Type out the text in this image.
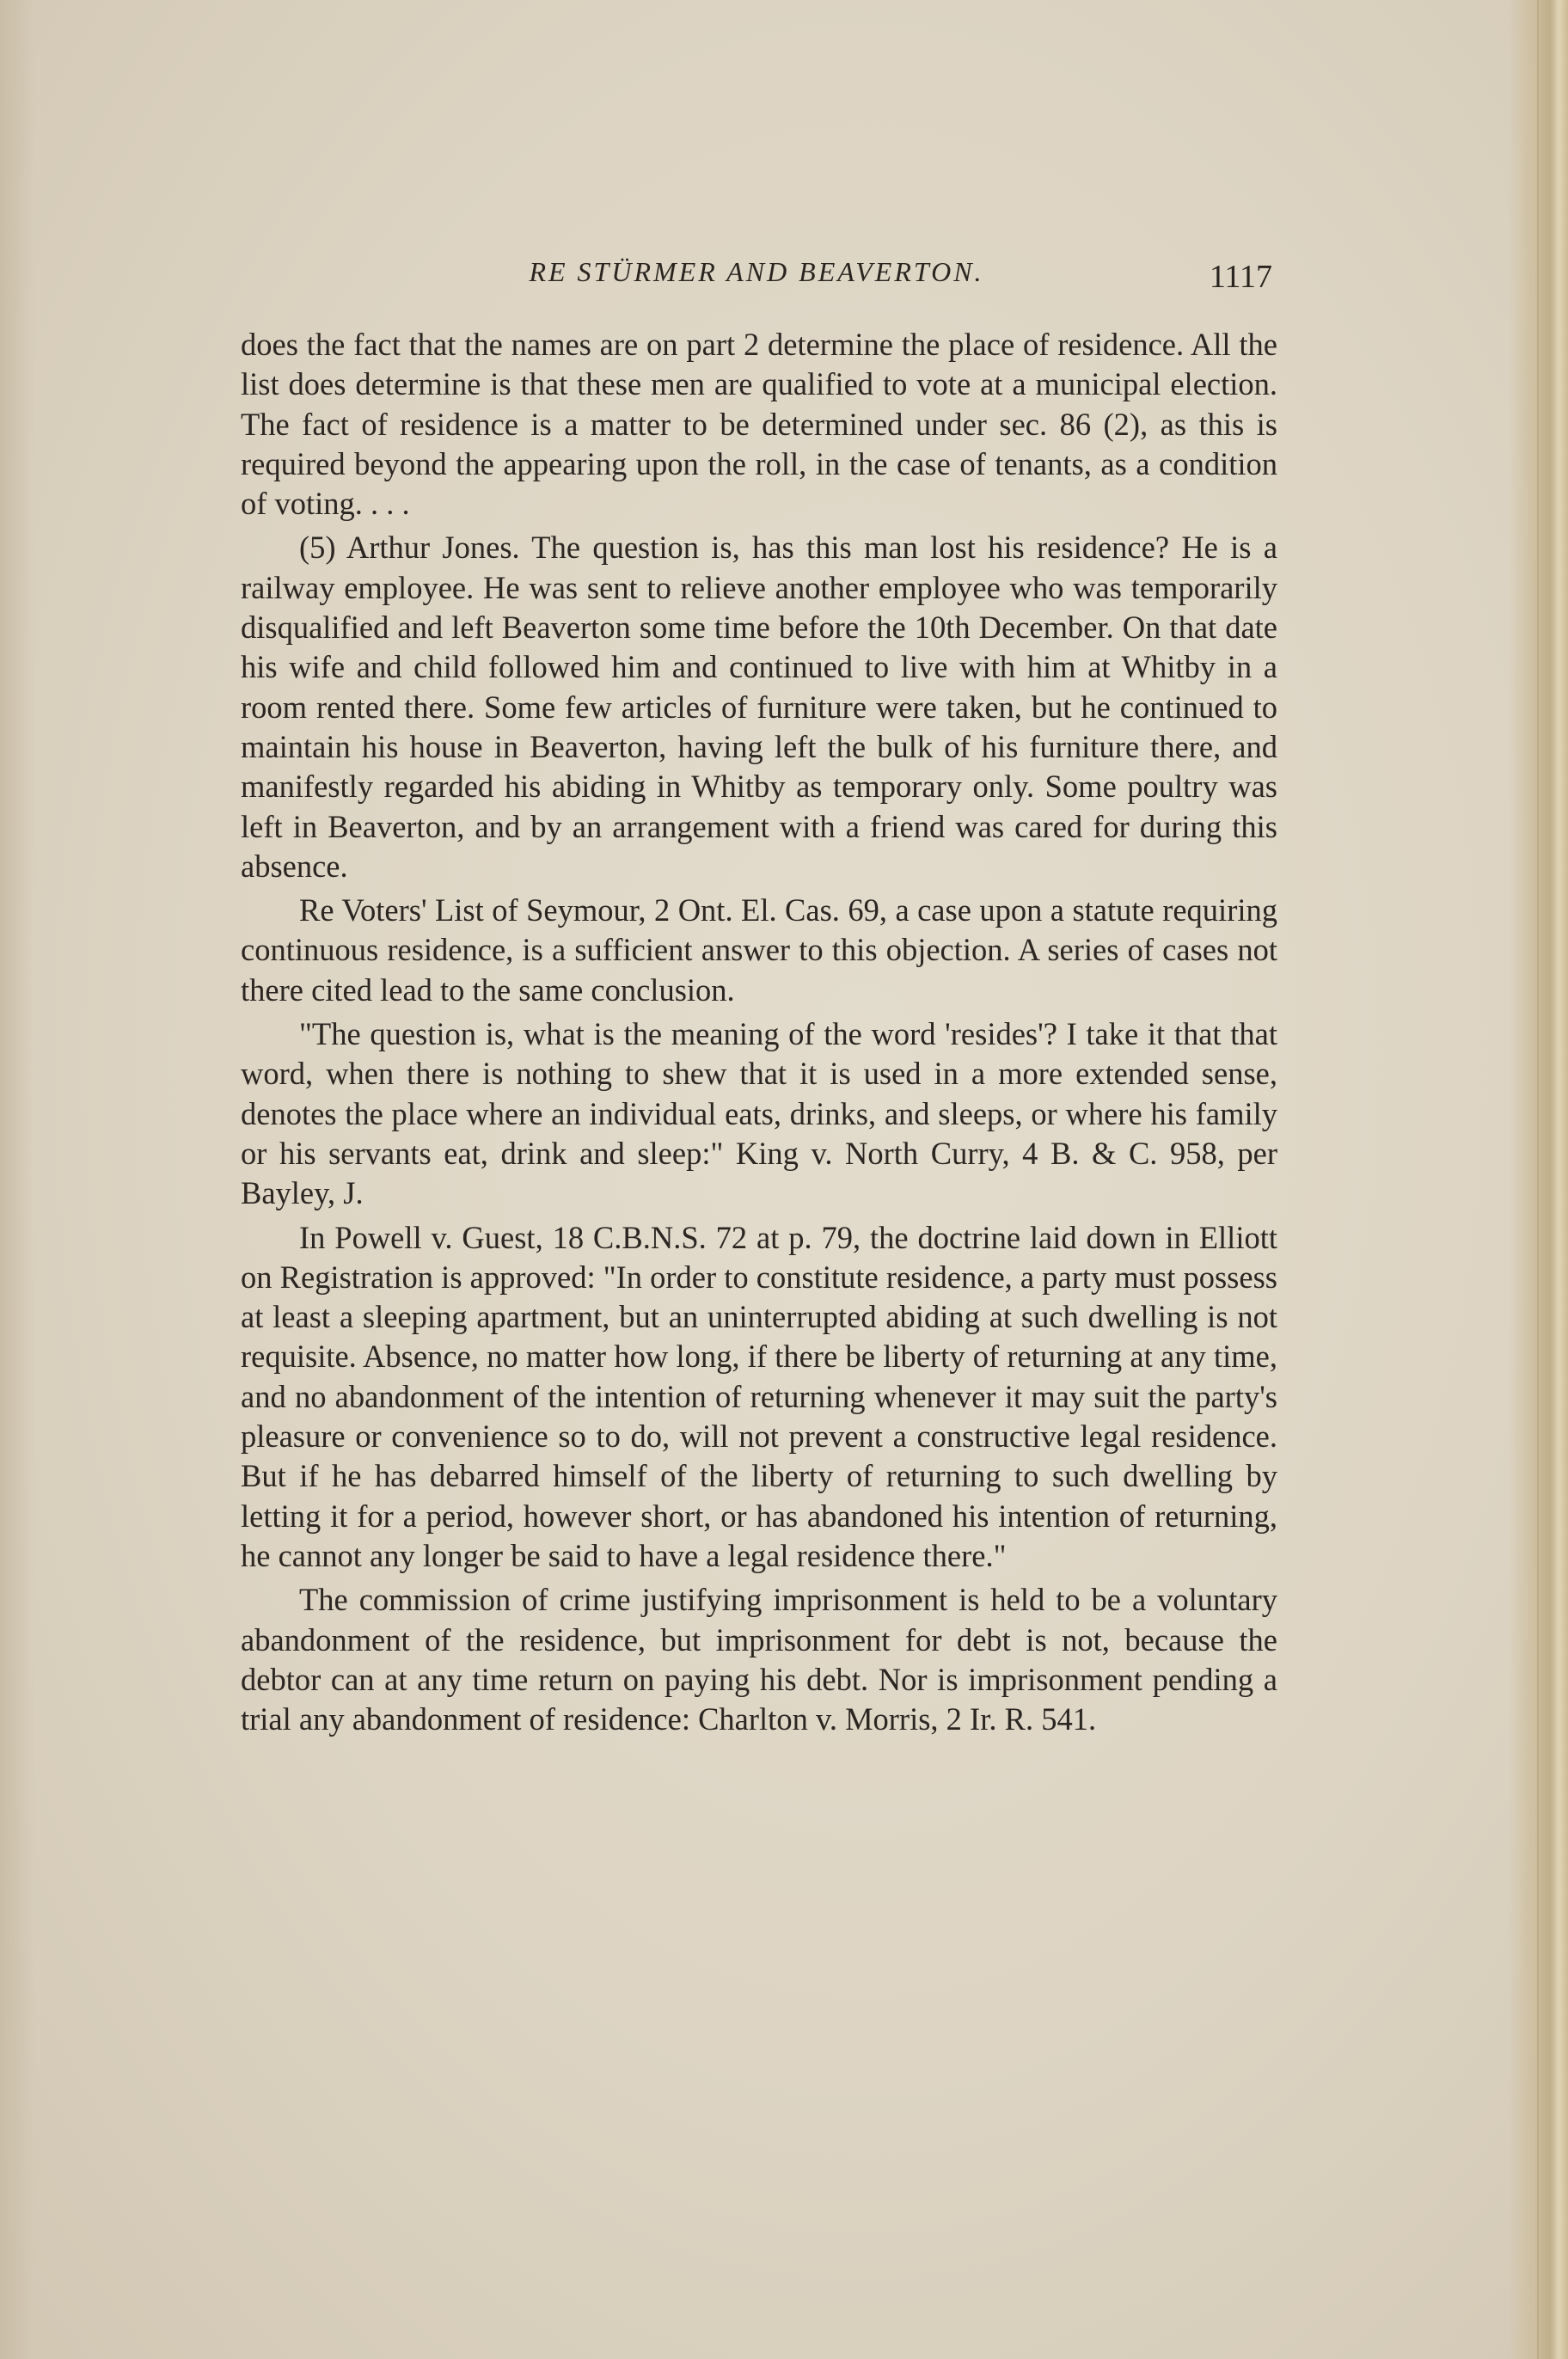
RE STÜRMER AND BEAVERTON.	1117

does the fact that the names are on part 2 determine the place of residence. All the list does determine is that these men are qualified to vote at a municipal election. The fact of residence is a matter to be determined under sec. 86 (2), as this is required beyond the appearing upon the roll, in the case of tenants, as a condition of voting. . . .

(5) Arthur Jones. The question is, has this man lost his residence? He is a railway employee. He was sent to relieve another employee who was temporarily disqualified and left Beaverton some time before the 10th December. On that date his wife and child followed him and continued to live with him at Whitby in a room rented there. Some few articles of furniture were taken, but he continued to maintain his house in Beaverton, having left the bulk of his furniture there, and manifestly regarded his abiding in Whitby as temporary only. Some poultry was left in Beaverton, and by an arrangement with a friend was cared for during this absence.

Re Voters' List of Seymour, 2 Ont. El. Cas. 69, a case upon a statute requiring continuous residence, is a sufficient answer to this objection. A series of cases not there cited lead to the same conclusion.

"The question is, what is the meaning of the word 'resides'? I take it that that word, when there is nothing to shew that it is used in a more extended sense, denotes the place where an individual eats, drinks, and sleeps, or where his family or his servants eat, drink and sleep:" King v. North Curry, 4 B. & C. 958, per Bayley, J.

In Powell v. Guest, 18 C.B.N.S. 72 at p. 79, the doctrine laid down in Elliott on Registration is approved: "In order to constitute residence, a party must possess at least a sleeping apartment, but an uninterrupted abiding at such dwelling is not requisite. Absence, no matter how long, if there be liberty of returning at any time, and no abandonment of the intention of returning whenever it may suit the party's pleasure or convenience so to do, will not prevent a constructive legal residence. But if he has debarred himself of the liberty of returning to such dwelling by letting it for a period, however short, or has abandoned his intention of returning, he cannot any longer be said to have a legal residence there."

The commission of crime justifying imprisonment is held to be a voluntary abandonment of the residence, but imprisonment for debt is not, because the debtor can at any time return on paying his debt. Nor is imprisonment pending a trial any abandonment of residence: Charlton v. Morris, 2 Ir. R. 541.
